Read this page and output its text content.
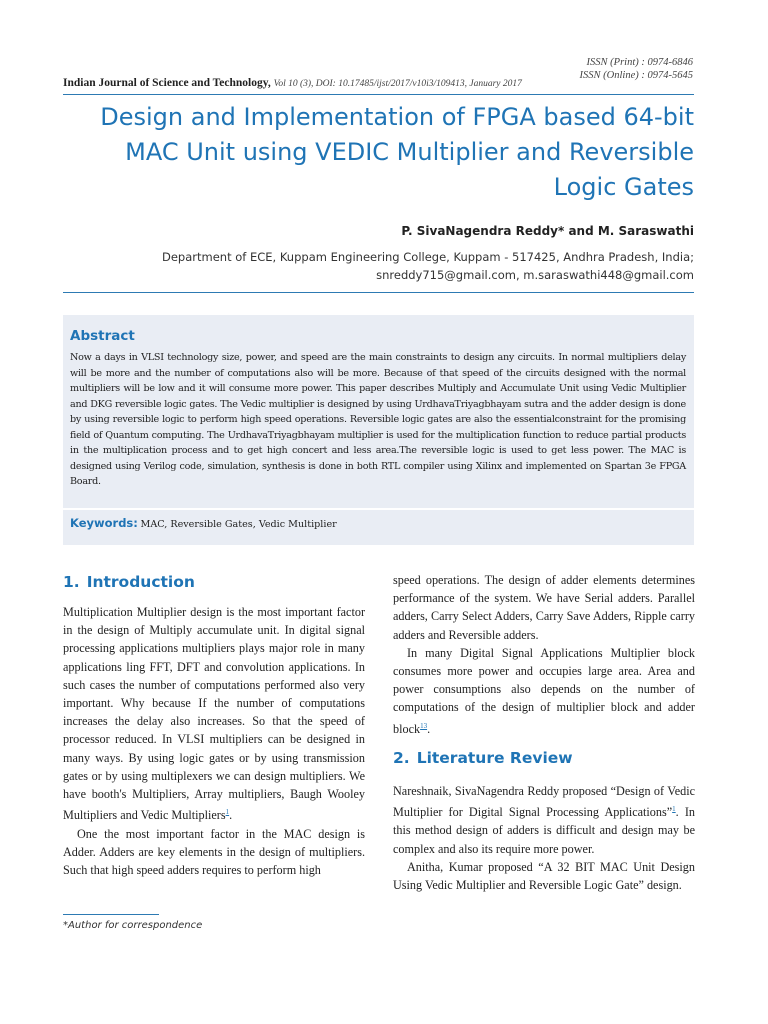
ISSN (Print) : 0974-6846
ISSN (Online) : 0974-5645
Indian Journal of Science and Technology, Vol 10 (3), DOI: 10.17485/ijst/2017/v10i3/109413, January 2017
Design and Implementation of FPGA based 64-bit
MAC Unit using VEDIC Multiplier and Reversible
Logic Gates
P. SivaNagendra Reddy* and M. Saraswathi
Department of ECE, Kuppam Engineering College, Kuppam - 517425, Andhra Pradesh, India;
snreddy715@gmail.com, m.saraswathi448@gmail.com
Abstract
Now a days in VLSI technology size, power, and speed are the main constraints to design any circuits. In normal multipliers delay will be more and the number of computations also will be more. Because of that speed of the circuits designed with the normal multipliers will be low and it will consume more power. This paper describes Multiply and Accumulate Unit using Vedic Multiplier and DKG reversible logic gates. The Vedic multiplier is designed by using UrdhavaTriyagbhayam sutra and the adder design is done by using reversible logic to perform high speed operations. Reversible logic gates are also the essentialconstraint for the promising field of Quantum computing. The UrdhavaTriyagbhayam multiplier is used for the multiplication function to reduce partial products in the multiplication process and to get high concert and less area.The reversible logic is used to get less power. The MAC is designed using Verilog code, simulation, synthesis is done in both RTL compiler using Xilinx and implemented on Spartan 3e FPGA Board.
Keywords: MAC, Reversible Gates, Vedic Multiplier
1. Introduction

Multiplication Multiplier design is the most important factor in the design of Multiply accumulate unit. In digital signal processing applications multipliers plays major role in many applications ling FFT, DFT and convolution applications. In such cases the number of computations performed also very important. Why because If the number of computations increases the delay also increases. So that the speed of processor reduced. In VLSI multipliers can be designed in many ways. By using logic gates or by using transmission gates or by using multiplexers we can design multipliers. We have booth's Multipliers, Array multipliers, Baugh Wooley Multipliers and Vedic Multipliers$^1$.

One the most important factor in the MAC design is Adder. Adders are key elements in the design of multipliers. Such that high speed adders requires to perform high

speed operations. The design of adder elements determines performance of the system. We have Serial adders. Parallel adders, Carry Select Adders, Carry Save Adders, Ripple carry adders and Reversible adders.

In many Digital Signal Applications Multiplier block consumes more power and occupies large area. Area and power consumptions also depends on the number of computations of the design of multiplier block and adder block$^{13}$.

2. Literature Review

Nareshnaik, SivaNagendra Reddy proposed “Design of Vedic Multiplier for Digital Signal Processing Applications”$^1$. In this method design of adders is difficult and design may be complex and also its require more power.

Anitha, Kumar proposed “A 32 BIT MAC Unit Design Using Vedic Multiplier and Reversible Logic Gate” design.

*Author for correspondence
